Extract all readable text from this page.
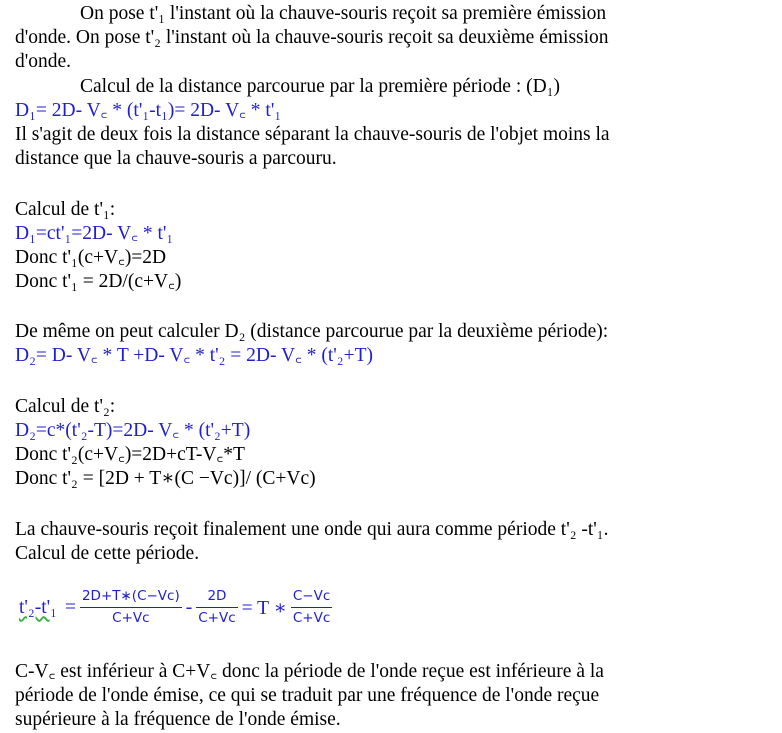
On pose t'₁ l'instant où la chauve-souris reçoit sa première émission
d'onde. On pose t'₂ l'instant où la chauve-souris reçoit sa deuxième émission
d'onde.
Calcul de la distance parcourue par la première période : (D₁)
D₁= 2D- V꜀ * (t'₁-t₁)= 2D- V꜀ * t'₁
Il s'agit de deux fois la distance séparant la chauve-souris de l'objet moins la
distance que la chauve-souris a parcouru.
Calcul de t'₁:
D₁=ct'₁=2D- V꜀ * t'₁
Donc t'₁(c+V꜀)=2D
Donc t'₁ = 2D/(c+V꜀)
De même on peut calculer D₂ (distance parcourue par la deuxième période):
D₂= D- V꜀ * T +D- V꜀ * t'₂ = 2D- V꜀ * (t'₂+T)
Calcul de t'₂:
D₂=c*(t'₂-T)=2D- V꜀ * (t'₂+T)
Donc t'₂(c+V꜀)=2D+cT-V꜀*T
Donc t'₂ = [2D + T∗(C −Vc)]/ (C+Vc)
La chauve-souris reçoit finalement une onde qui aura comme période t'₂ -t'₁.
Calcul de cette période.
$t'_2-t'_1 = \frac{2D+T∗(C-Vc)}{C+Vc} - \frac{2D}{C+Vc} = T$ ∗ $\frac{C-Vc}{C+Vc}$
C-V꜀ est inférieur à C+V꜀ donc la période de l'onde reçue est inférieure à la
période de l'onde émise, ce qui se traduit par une fréquence de l'onde reçue
supérieure à la fréquence de l'onde émise.
